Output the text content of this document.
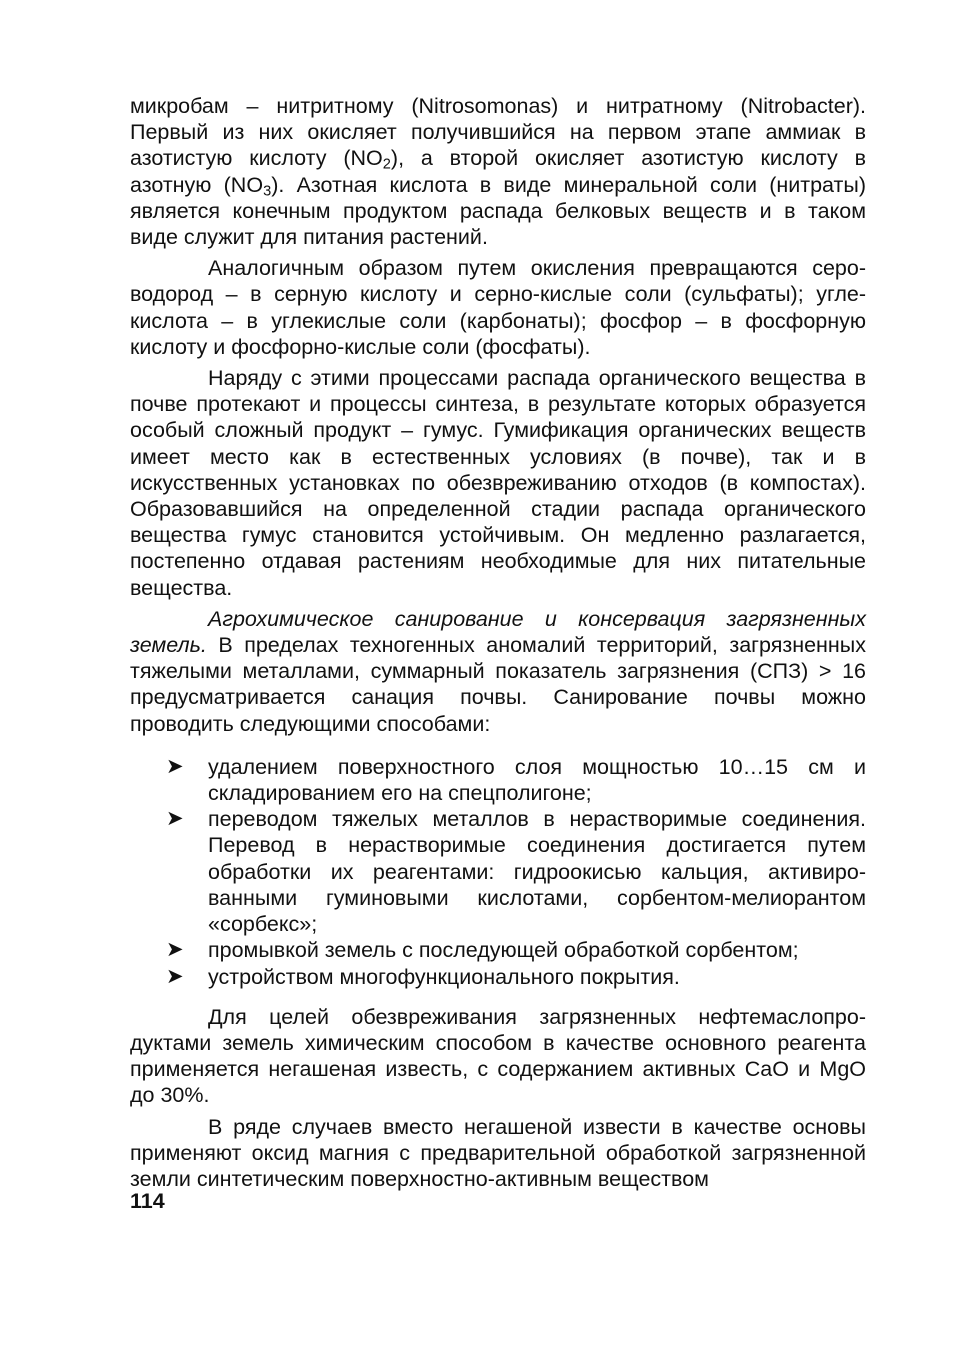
микробам – нитритному (Nitrosomonas) и нитратному (Nitrobacter). Первый из них окисляет получившийся на первом этапе аммиак в азотистую кислоту $(NO_2)$, а второй окисляет азотистую кислоту в азотную $(NO_3)$. Азотная кислота в виде минеральной соли (нитраты) является конечным продуктом распада белковых веществ и в таком виде служит для питания растений.

Аналогичным образом путем окисления превращаются сероводород – в серную кислоту и серно-кислые соли (сульфаты); углекислота – в углекислые соли (карбонаты); фосфор – в фосфорную кислоту и фосфорно-кислые соли (фосфаты).

Наряду с этими процессами распада органического вещества в почве протекают и процессы синтеза, в результате которых образуется особый сложный продукт – гумус. Гумификация органических веществ имеет место как в естественных условиях (в почве), так и в искусственных установках по обезвреживанию отходов (в компостах). Образовавшийся на определенной стадии распада органического вещества гумус становится устойчивым. Он медленно разлагается, постепенно отдавая растениям необходимые для них питательные вещества.

Агрохимическое санирование и консервация загрязненных земель. В пределах техногенных аномалий территорий, загрязненных тяжелыми металлами, суммарный показатель загрязнения (СПЗ) > 16 предусматривается санация почвы. Санирование почвы можно проводить следующими способами:

➤ удалением поверхностного слоя мощностью 10…15 см и складированием его на спецполигоне;
➤ переводом тяжелых металлов в нерастворимые соединения. Перевод в нерастворимые соединения достигается путем обработки их реагентами: гидроокисью кальция, активированными гуминовыми кислотами, сорбентом-мелиорантом «сорбекс»;
➤ промывкой земель с последующей обработкой сорбентом;
➤ устройством многофункционального покрытия.

Для целей обезвреживания загрязненных нефтемаслопродуктами земель химическим способом в качестве основного реагента применяется негашеная известь, с содержанием активных CaO и MgO до 30%.

В ряде случаев вместо негашеной извести в качестве основы применяют оксид магния с предварительной обработкой загрязненной земли синтетическим поверхностно-активным веществом

114
